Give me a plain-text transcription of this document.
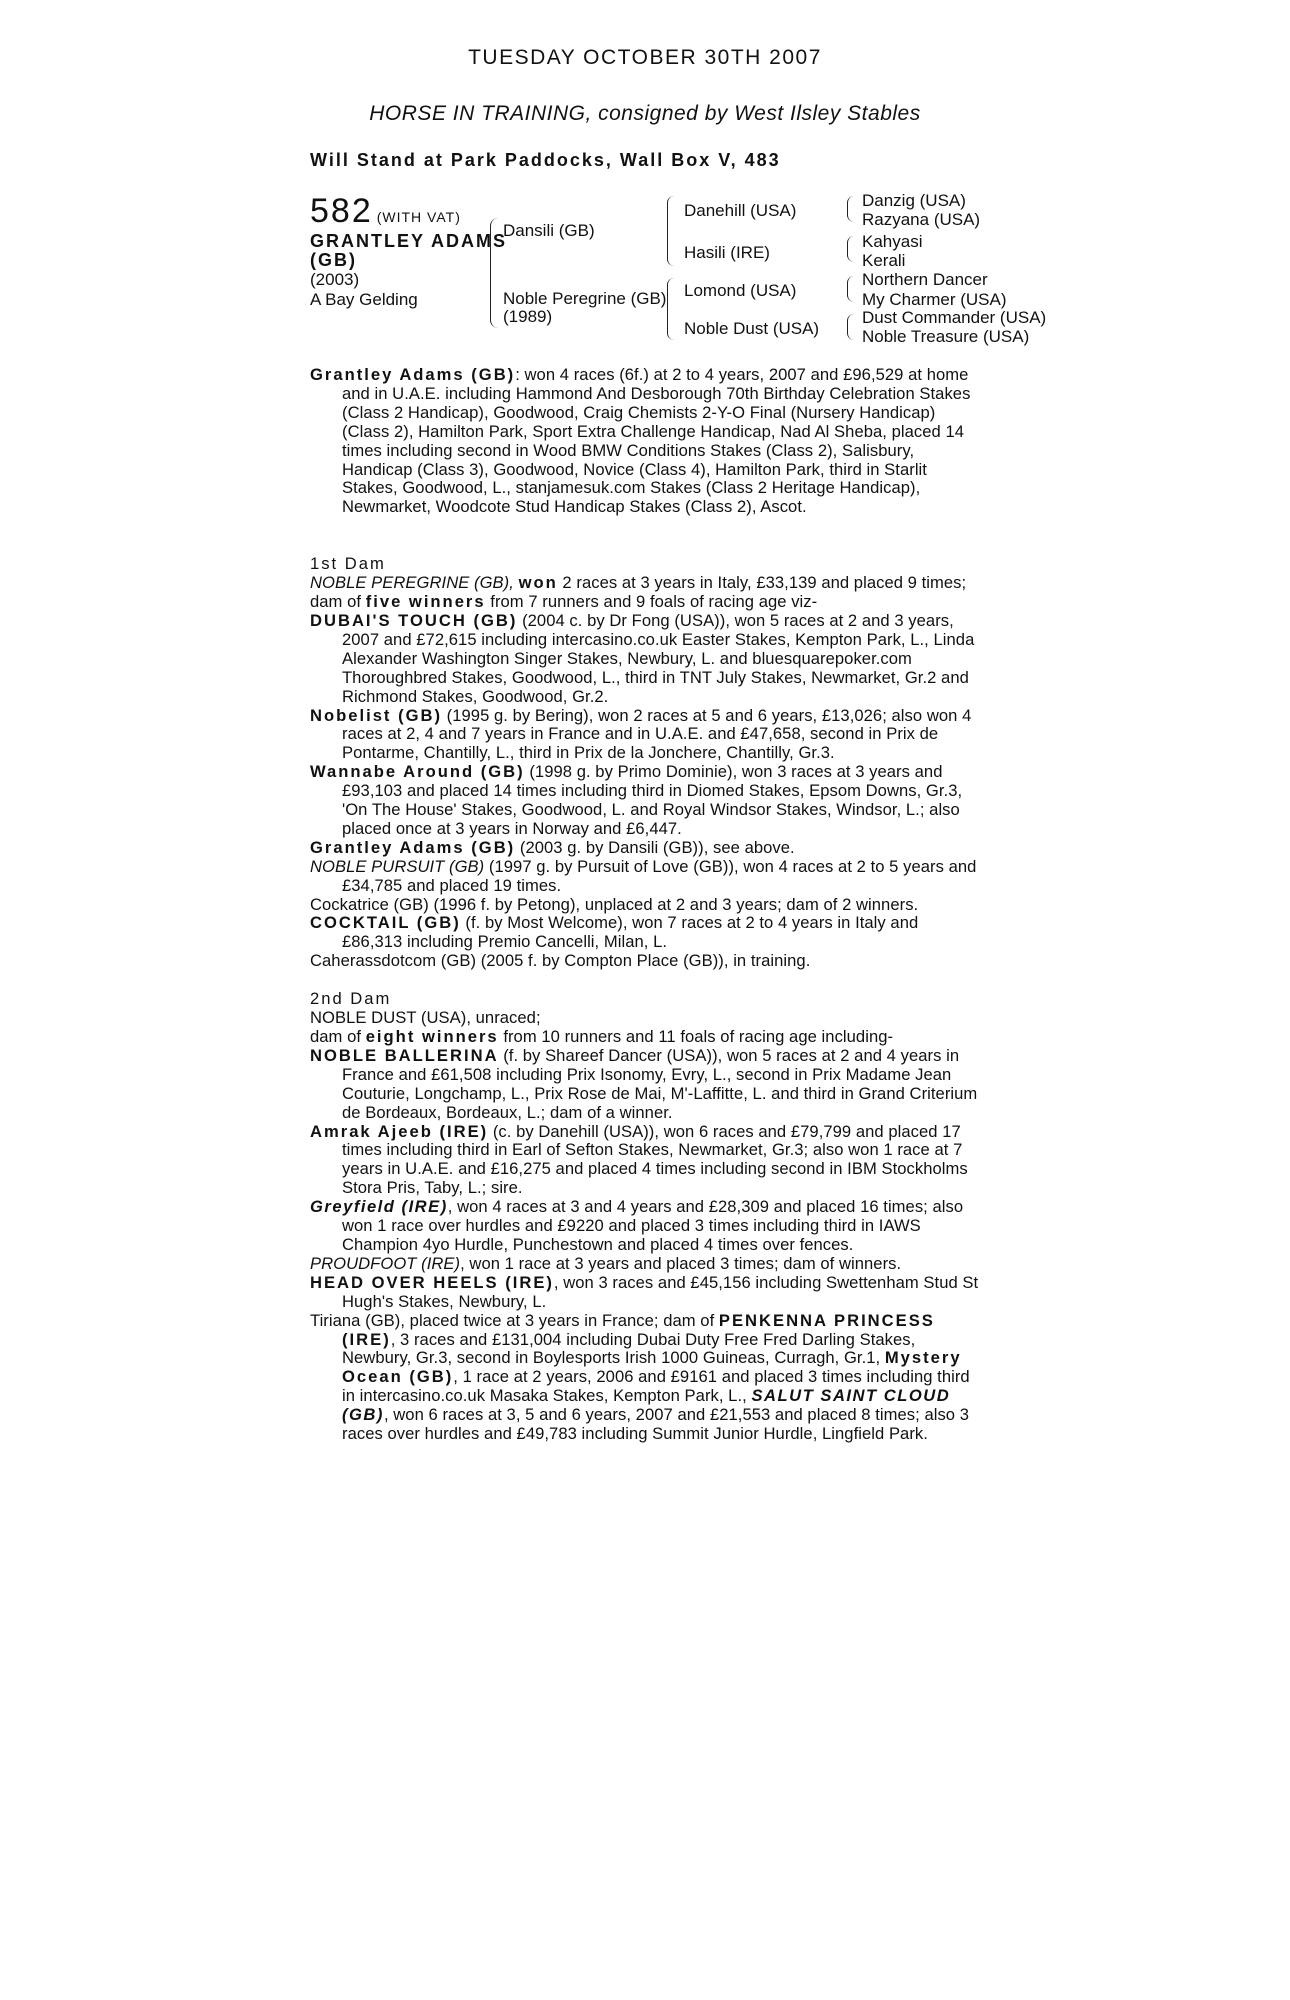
TUESDAY OCTOBER 30TH 2007
HORSE IN TRAINING, consigned by West Ilsley Stables
Will Stand at Park Paddocks, Wall Box V, 483
582 (WITH VAT)
GRANTLEY ADAMS
(GB)
(2003)
A Bay Gelding
Dansili (GB)
Noble Peregrine (GB)
(1989)
Danehill (USA)
Hasili (IRE)
Lomond (USA)
Noble Dust (USA)
Danzig (USA)
Razyana (USA)
Kahyasi
Kerali
Northern Dancer
My Charmer (USA)
Dust Commander (USA)
Noble Treasure (USA)

Grantley Adams (GB): won 4 races (6f.) at 2 to 4 years, 2007 and £96,529 at home and in U.A.E. including Hammond And Desborough 70th Birthday Celebration Stakes (Class 2 Handicap), Goodwood, Craig Chemists 2-Y-O Final (Nursery Handicap) (Class 2), Hamilton Park, Sport Extra Challenge Handicap, Nad Al Sheba, placed 14 times including second in Wood BMW Conditions Stakes (Class 2), Salisbury, Handicap (Class 3), Goodwood, Novice (Class 4), Hamilton Park, third in Starlit Stakes, Goodwood, L., stanjamesuk.com Stakes (Class 2 Heritage Handicap), Newmarket, Woodcote Stud Handicap Stakes (Class 2), Ascot.

1st Dam

NOBLE PEREGRINE (GB), won 2 races at 3 years in Italy, £33,139 and placed 9 times;

dam of five winners from 7 runners and 9 foals of racing age viz-

DUBAI'S TOUCH (GB) (2004 c. by Dr Fong (USA)), won 5 races at 2 and 3 years, 2007 and £72,615 including intercasino.co.uk Easter Stakes, Kempton Park, L., Linda Alexander Washington Singer Stakes, Newbury, L. and bluesquarepoker.com Thoroughbred Stakes, Goodwood, L., third in TNT July Stakes, Newmarket, Gr.2 and Richmond Stakes, Goodwood, Gr.2.

Nobelist (GB) (1995 g. by Bering), won 2 races at 5 and 6 years, £13,026; also won 4 races at 2, 4 and 7 years in France and in U.A.E. and £47,658, second in Prix de Pontarme, Chantilly, L., third in Prix de la Jonchere, Chantilly, Gr.3.

Wannabe Around (GB) (1998 g. by Primo Dominie), won 3 races at 3 years and £93,103 and placed 14 times including third in Diomed Stakes, Epsom Downs, Gr.3, 'On The House' Stakes, Goodwood, L. and Royal Windsor Stakes, Windsor, L.; also placed once at 3 years in Norway and £6,447.

Grantley Adams (GB) (2003 g. by Dansili (GB)), see above.

NOBLE PURSUIT (GB) (1997 g. by Pursuit of Love (GB)), won 4 races at 2 to 5 years and £34,785 and placed 19 times.

Cockatrice (GB) (1996 f. by Petong), unplaced at 2 and 3 years; dam of 2 winners.

COCKTAIL (GB) (f. by Most Welcome), won 7 races at 2 to 4 years in Italy and £86,313 including Premio Cancelli, Milan, L.

Caherassdotcom (GB) (2005 f. by Compton Place (GB)), in training.

2nd Dam

NOBLE DUST (USA), unraced;

dam of eight winners from 10 runners and 11 foals of racing age including-

NOBLE BALLERINA (f. by Shareef Dancer (USA)), won 5 races at 2 and 4 years in France and £61,508 including Prix Isonomy, Evry, L., second in Prix Madame Jean Couturie, Longchamp, L., Prix Rose de Mai, M'-Laffitte, L. and third in Grand Criterium de Bordeaux, Bordeaux, L.; dam of a winner.

Amrak Ajeeb (IRE) (c. by Danehill (USA)), won 6 races and £79,799 and placed 17 times including third in Earl of Sefton Stakes, Newmarket, Gr.3; also won 1 race at 7 years in U.A.E. and £16,275 and placed 4 times including second in IBM Stockholms Stora Pris, Taby, L.; sire.

Greyfield (IRE), won 4 races at 3 and 4 years and £28,309 and placed 16 times; also won 1 race over hurdles and £9220 and placed 3 times including third in IAWS Champion 4yo Hurdle, Punchestown and placed 4 times over fences.

PROUDFOOT (IRE), won 1 race at 3 years and placed 3 times; dam of winners.

HEAD OVER HEELS (IRE), won 3 races and £45,156 including Swettenham Stud St Hugh's Stakes, Newbury, L.

Tiriana (GB), placed twice at 3 years in France; dam of PENKENNA PRINCESS (IRE), 3 races and £131,004 including Dubai Duty Free Fred Darling Stakes, Newbury, Gr.3, second in Boylesports Irish 1000 Guineas, Curragh, Gr.1, Mystery Ocean (GB), 1 race at 2 years, 2006 and £9161 and placed 3 times including third in intercasino.co.uk Masaka Stakes, Kempton Park, L., SALUT SAINT CLOUD (GB), won 6 races at 3, 5 and 6 years, 2007 and £21,553 and placed 8 times; also 3 races over hurdles and £49,783 including Summit Junior Hurdle, Lingfield Park.
